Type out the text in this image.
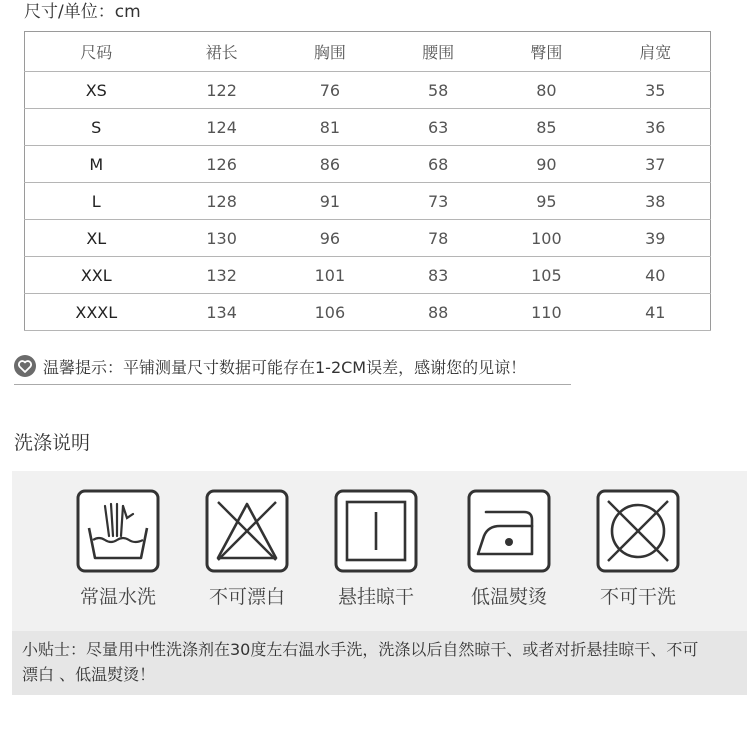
尺寸/单位：cm
尺码	裙长	胸围	腰围	臀围	肩宽
XS	122	76	58	80	35
S	124	81	63	85	36
M	126	86	68	90	37
L	128	91	73	95	38
XL	130	96	78	100	39
XXL	132	101	83	105	40
XXXL	134	106	88	110	41
温馨提示：平铺测量尺寸数据可能存在1-2CM误差，感谢您的见谅！
洗涤说明
常温水洗	不可漂白	悬挂晾干	低温熨烫	不可干洗
小贴士：尽量用中性洗涤剂在30度左右温水手洗，洗涤以后自然晾干、或者对折悬挂晾干、不可漂白 、低温熨烫！
